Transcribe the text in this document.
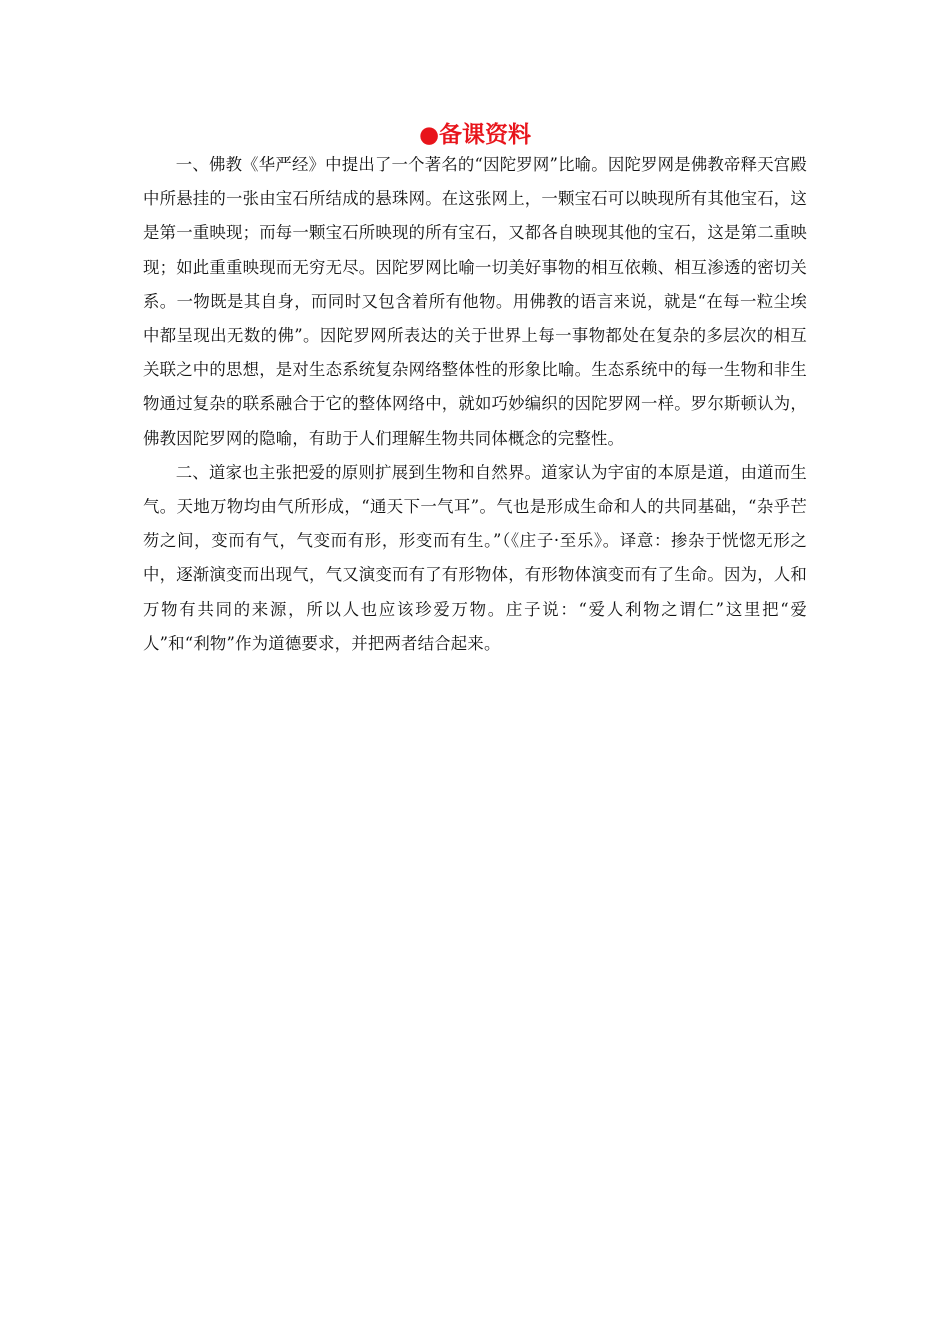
●备课资料

一、佛教《华严经》中提出了一个著名的“因陀罗网”比喻。因陀罗网是佛教帝释天宫殿中所悬挂的一张由宝石所结成的悬珠网。在这张网上，一颗宝石可以映现所有其他宝石，这是第一重映现；而每一颗宝石所映现的所有宝石，又都各自映现其他的宝石，这是第二重映现；如此重重映现而无穷无尽。因陀罗网比喻一切美好事物的相互依赖、相互渗透的密切关系。一物既是其自身，而同时又包含着所有他物。用佛教的语言来说，就是“在每一粒尘埃中都呈现出无数的佛”。因陀罗网所表达的关于世界上每一事物都处在复杂的多层次的相互关联之中的思想，是对生态系统复杂网络整体性的形象比喻。生态系统中的每一生物和非生物通过复杂的联系融合于它的整体网络中，就如巧妙编织的因陀罗网一样。罗尔斯顿认为，佛教因陀罗网的隐喻，有助于人们理解生物共同体概念的完整性。

二、道家也主张把爱的原则扩展到生物和自然界。道家认为宇宙的本原是道，由道而生气。天地万物均由气所形成，“通天下一气耳”。气也是形成生命和人的共同基础，“杂乎芒芴之间，变而有气，气变而有形，形变而有生。”（《庄子·至乐》。译意：掺杂于恍惚无形之中，逐渐演变而出现气，气又演变而有了有形物体，有形物体演变而有了生命。因为，人和万物有共同的来源，所以人也应该珍爱万物。庄子说：“爱人利物之谓仁”这里把“爱人”和“利物”作为道德要求，并把两者结合起来。
